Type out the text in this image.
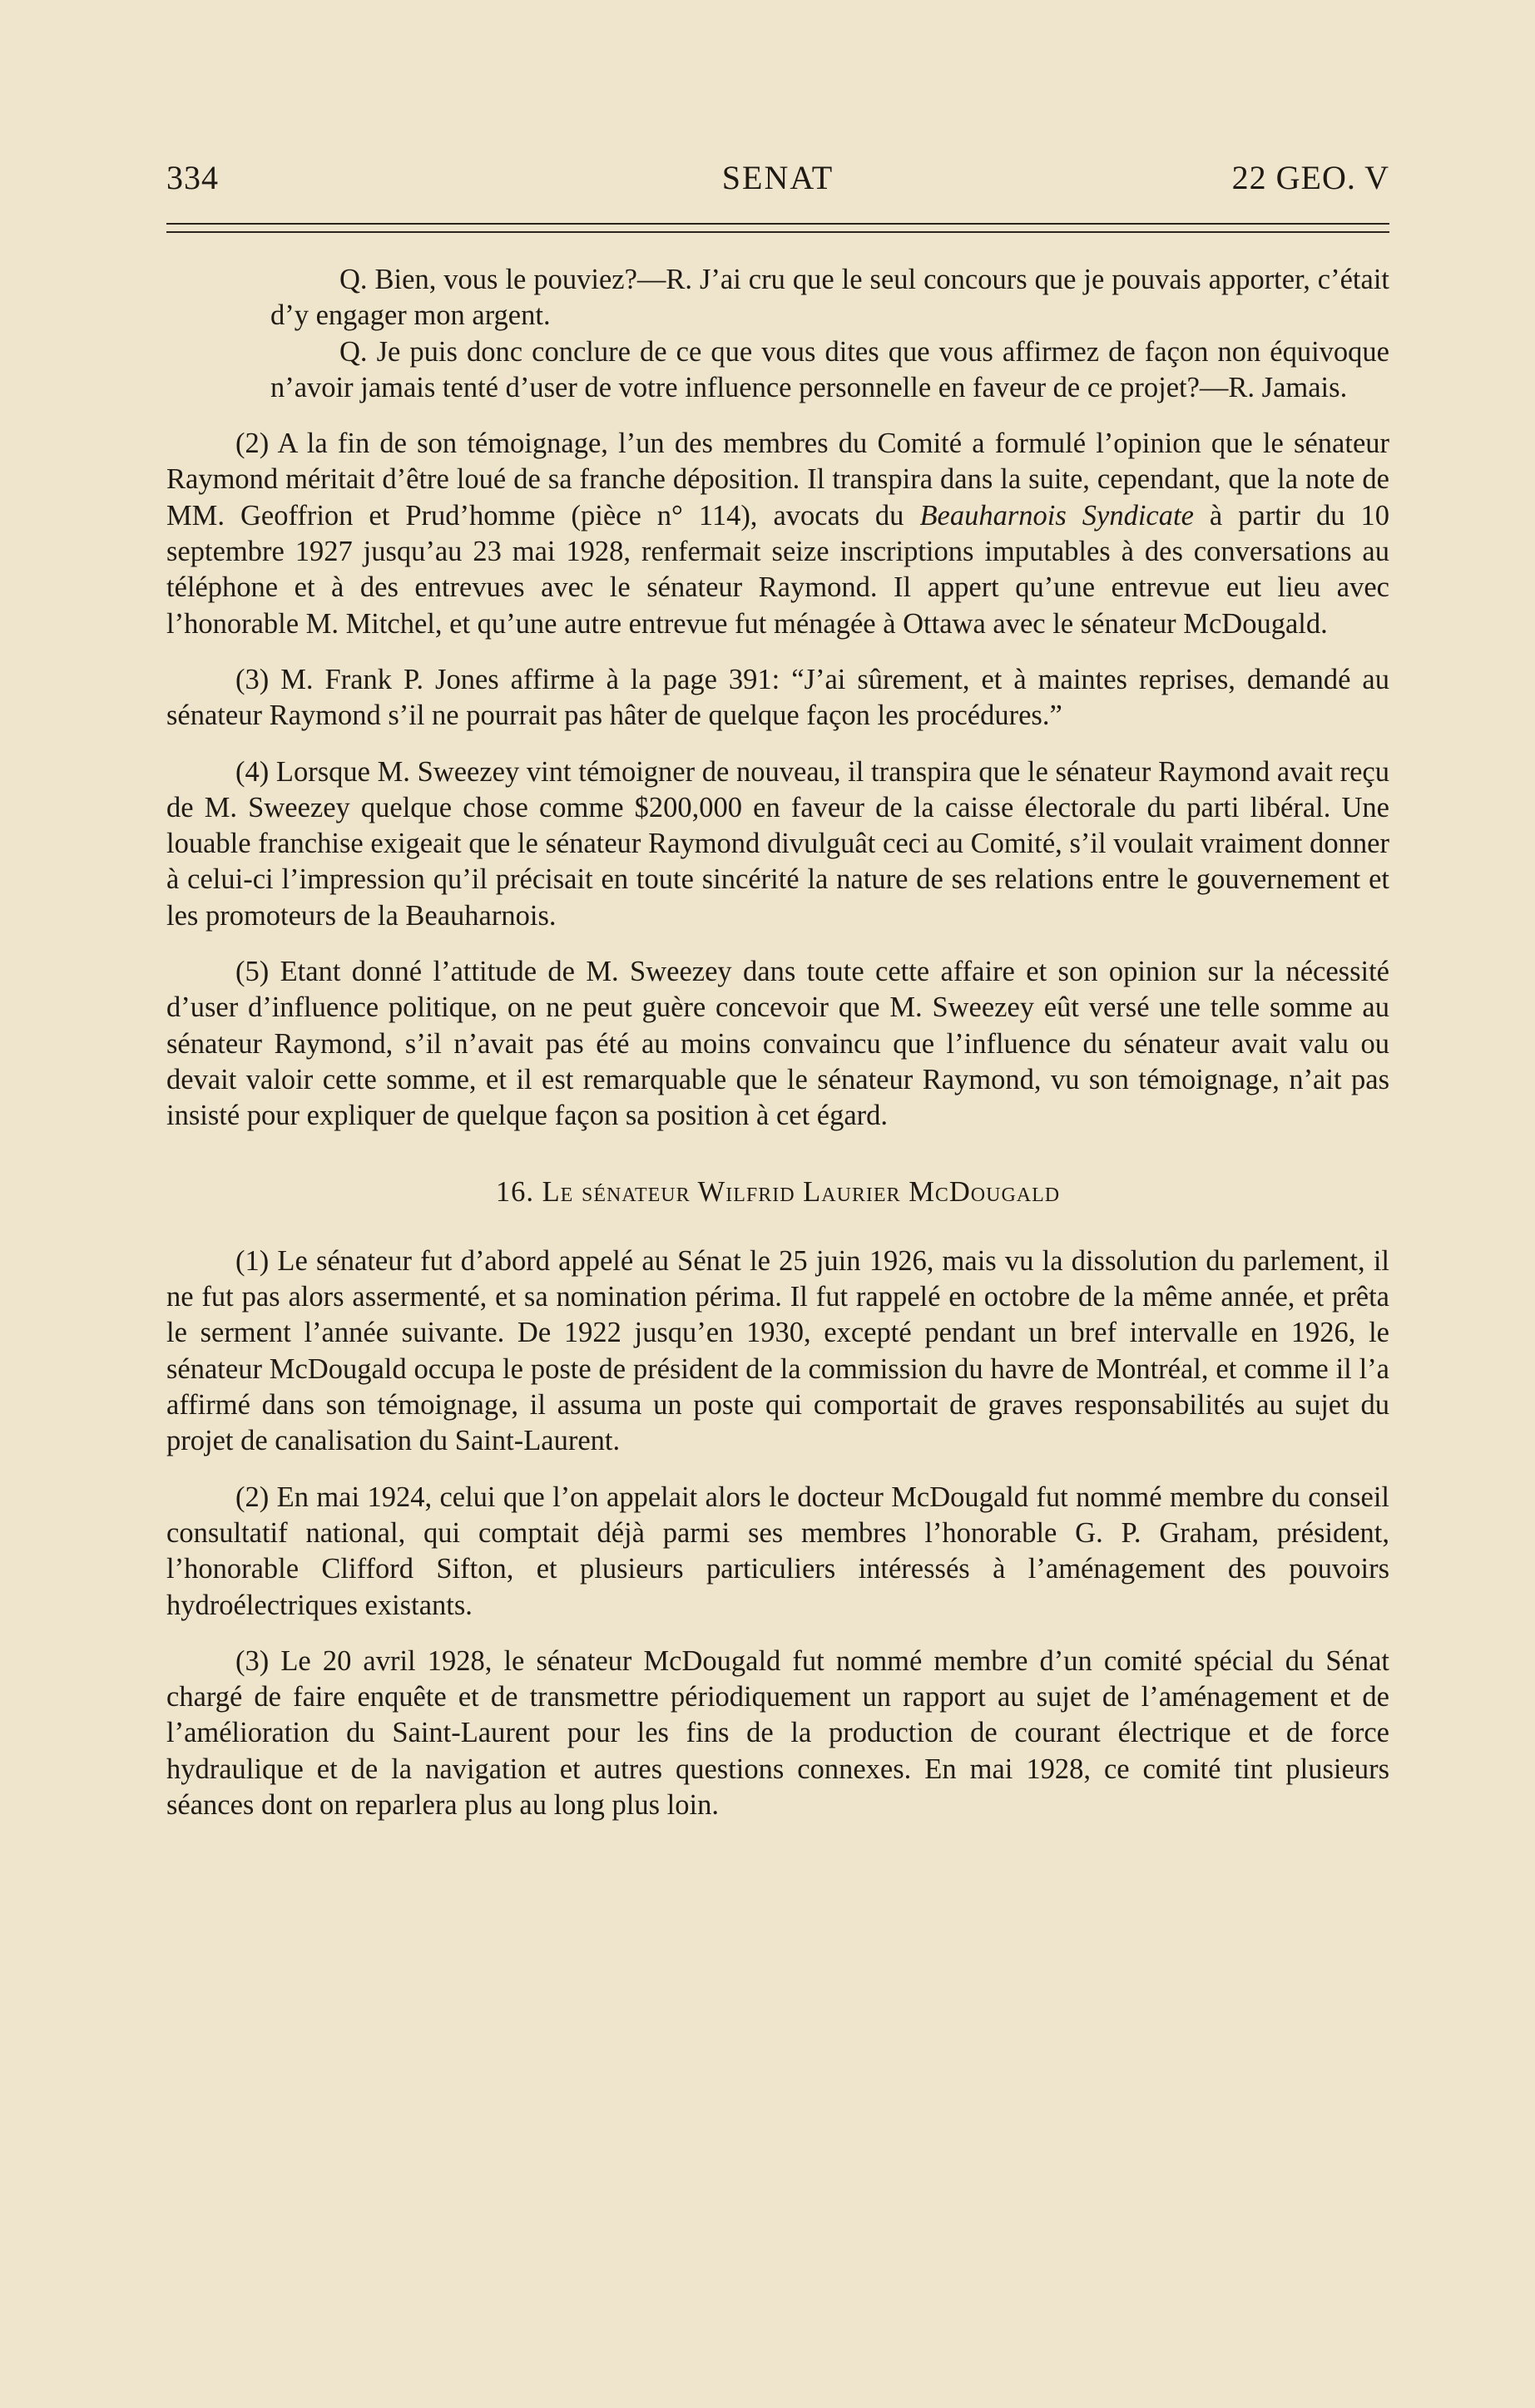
334	SENAT	22 GEO. V

Q. Bien, vous le pouviez?—R. J’ai cru que le seul concours que je pouvais apporter, c’était d’y engager mon argent.

Q. Je puis donc conclure de ce que vous dites que vous affirmez de façon non équivoque n’avoir jamais tenté d’user de votre influence personnelle en faveur de ce projet?—R. Jamais.

(2) A la fin de son témoignage, l’un des membres du Comité a formulé l’opinion que le sénateur Raymond méritait d’être loué de sa franche déposition. Il transpira dans la suite, cependant, que la note de MM. Geoffrion et Prud’homme (pièce n° 114), avocats du Beauharnois Syndicate à partir du 10 septembre 1927 jusqu’au 23 mai 1928, renfermait seize inscriptions imputables à des conversations au téléphone et à des entrevues avec le sénateur Raymond. Il appert qu’une entrevue eut lieu avec l’honorable M. Mitchel, et qu’une autre entrevue fut ménagée à Ottawa avec le sénateur McDougald.

(3) M. Frank P. Jones affirme à la page 391: “J’ai sûrement, et à maintes reprises, demandé au sénateur Raymond s’il ne pourrait pas hâter de quelque façon les procédures.”

(4) Lorsque M. Sweezey vint témoigner de nouveau, il transpira que le sénateur Raymond avait reçu de M. Sweezey quelque chose comme $200,000 en faveur de la caisse électorale du parti libéral. Une louable franchise exigeait que le sénateur Raymond divulguât ceci au Comité, s’il voulait vraiment donner à celui-ci l’impression qu’il précisait en toute sincérité la nature de ses relations entre le gouvernement et les promoteurs de la Beauharnois.

(5) Etant donné l’attitude de M. Sweezey dans toute cette affaire et son opinion sur la nécessité d’user d’influence politique, on ne peut guère concevoir que M. Sweezey eût versé une telle somme au sénateur Raymond, s’il n’avait pas été au moins convaincu que l’influence du sénateur avait valu ou devait valoir cette somme, et il est remarquable que le sénateur Raymond, vu son témoignage, n’ait pas insisté pour expliquer de quelque façon sa position à cet égard.

16. Le sénateur Wilfrid Laurier McDougald

(1) Le sénateur fut d’abord appelé au Sénat le 25 juin 1926, mais vu la dissolution du parlement, il ne fut pas alors assermenté, et sa nomination périma. Il fut rappelé en octobre de la même année, et prêta le serment l’année suivante. De 1922 jusqu’en 1930, excepté pendant un bref intervalle en 1926, le sénateur McDougald occupa le poste de président de la commission du havre de Montréal, et comme il l’a affirmé dans son témoignage, il assuma un poste qui comportait de graves responsabilités au sujet du projet de canalisation du Saint-Laurent.

(2) En mai 1924, celui que l’on appelait alors le docteur McDougald fut nommé membre du conseil consultatif national, qui comptait déjà parmi ses membres l’honorable G. P. Graham, président, l’honorable Clifford Sifton, et plusieurs particuliers intéressés à l’aménagement des pouvoirs hydroélectriques existants.

(3) Le 20 avril 1928, le sénateur McDougald fut nommé membre d’un comité spécial du Sénat chargé de faire enquête et de transmettre périodiquement un rapport au sujet de l’aménagement et de l’amélioration du Saint-Laurent pour les fins de la production de courant électrique et de force hydraulique et de la navigation et autres questions connexes. En mai 1928, ce comité tint plusieurs séances dont on reparlera plus au long plus loin.
